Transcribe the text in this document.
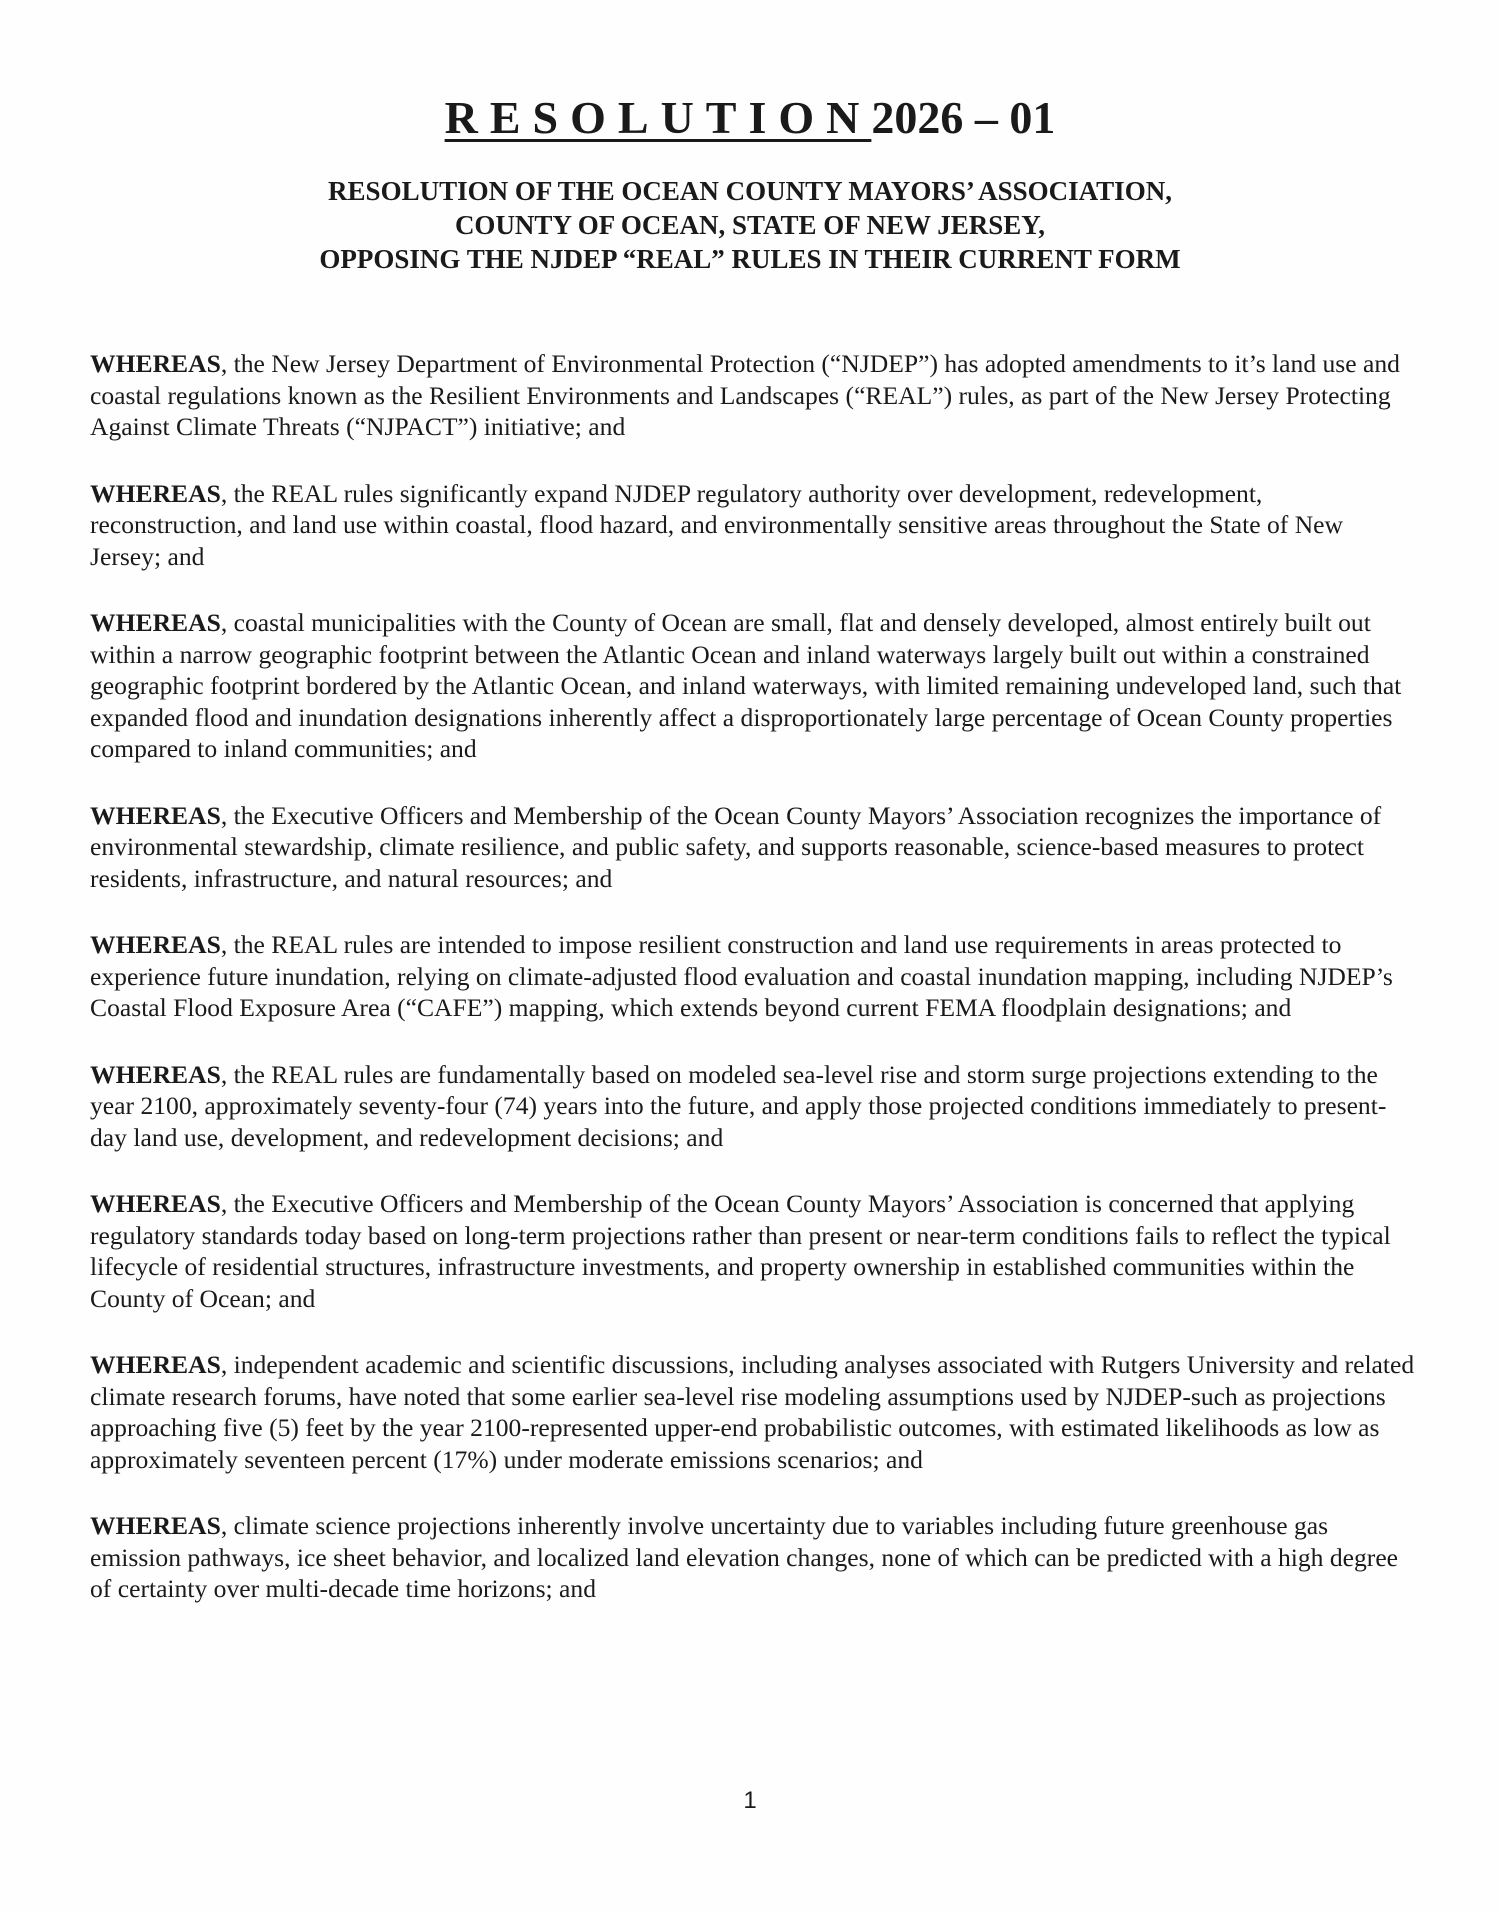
RESOLUTION2026 – 01
RESOLUTION OF THE OCEAN COUNTY MAYORS’ ASSOCIATION,
COUNTY OF OCEAN, STATE OF NEW JERSEY,
OPPOSING THE NJDEP “REAL” RULES IN THEIR CURRENT FORM

WHEREAS, the New Jersey Department of Environmental Protection (“NJDEP”) has adopted amendments to it’s land use and coastal regulations known as the Resilient Environments and Landscapes (“REAL”) rules, as part of the New Jersey Protecting Against Climate Threats (“NJPACT”) initiative; and

WHEREAS, the REAL rules significantly expand NJDEP regulatory authority over development, redevelopment, reconstruction, and land use within coastal, flood hazard, and environmentally sensitive areas throughout the State of New Jersey; and

WHEREAS, coastal municipalities with the County of Ocean are small, flat and densely developed, almost entirely built out within a narrow geographic footprint between the Atlantic Ocean and inland waterways largely built out within a constrained geographic footprint bordered by the Atlantic Ocean, and inland waterways, with limited remaining undeveloped land, such that expanded flood and inundation designations inherently affect a disproportionately large percentage of Ocean County properties compared to inland communities; and

WHEREAS, the Executive Officers and Membership of the Ocean County Mayors’ Association recognizes the importance of environmental stewardship, climate resilience, and public safety, and supports reasonable, science-based measures to protect residents, infrastructure, and natural resources; and

WHEREAS, the REAL rules are intended to impose resilient construction and land use requirements in areas protected to experience future inundation, relying on climate-adjusted flood evaluation and coastal inundation mapping, including NJDEP’s Coastal Flood Exposure Area (“CAFE”) mapping, which extends beyond current FEMA floodplain designations; and

WHEREAS, the REAL rules are fundamentally based on modeled sea-level rise and storm surge projections extending to the year 2100, approximately seventy-four (74) years into the future, and apply those projected conditions immediately to present-day land use, development, and redevelopment decisions; and

WHEREAS, the Executive Officers and Membership of the Ocean County Mayors’ Association is concerned that applying regulatory standards today based on long-term projections rather than present or near-term conditions fails to reflect the typical lifecycle of residential structures, infrastructure investments, and property ownership in established communities within the County of Ocean; and

WHEREAS, independent academic and scientific discussions, including analyses associated with Rutgers University and related climate research forums, have noted that some earlier sea-level rise modeling assumptions used by NJDEP-such as projections approaching five (5) feet by the year 2100-represented upper-end probabilistic outcomes, with estimated likelihoods as low as approximately seventeen percent (17%) under moderate emissions scenarios; and

WHEREAS, climate science projections inherently involve uncertainty due to variables including future greenhouse gas emission pathways, ice sheet behavior, and localized land elevation changes, none of which can be predicted with a high degree of certainty over multi-decade time horizons; and

1
